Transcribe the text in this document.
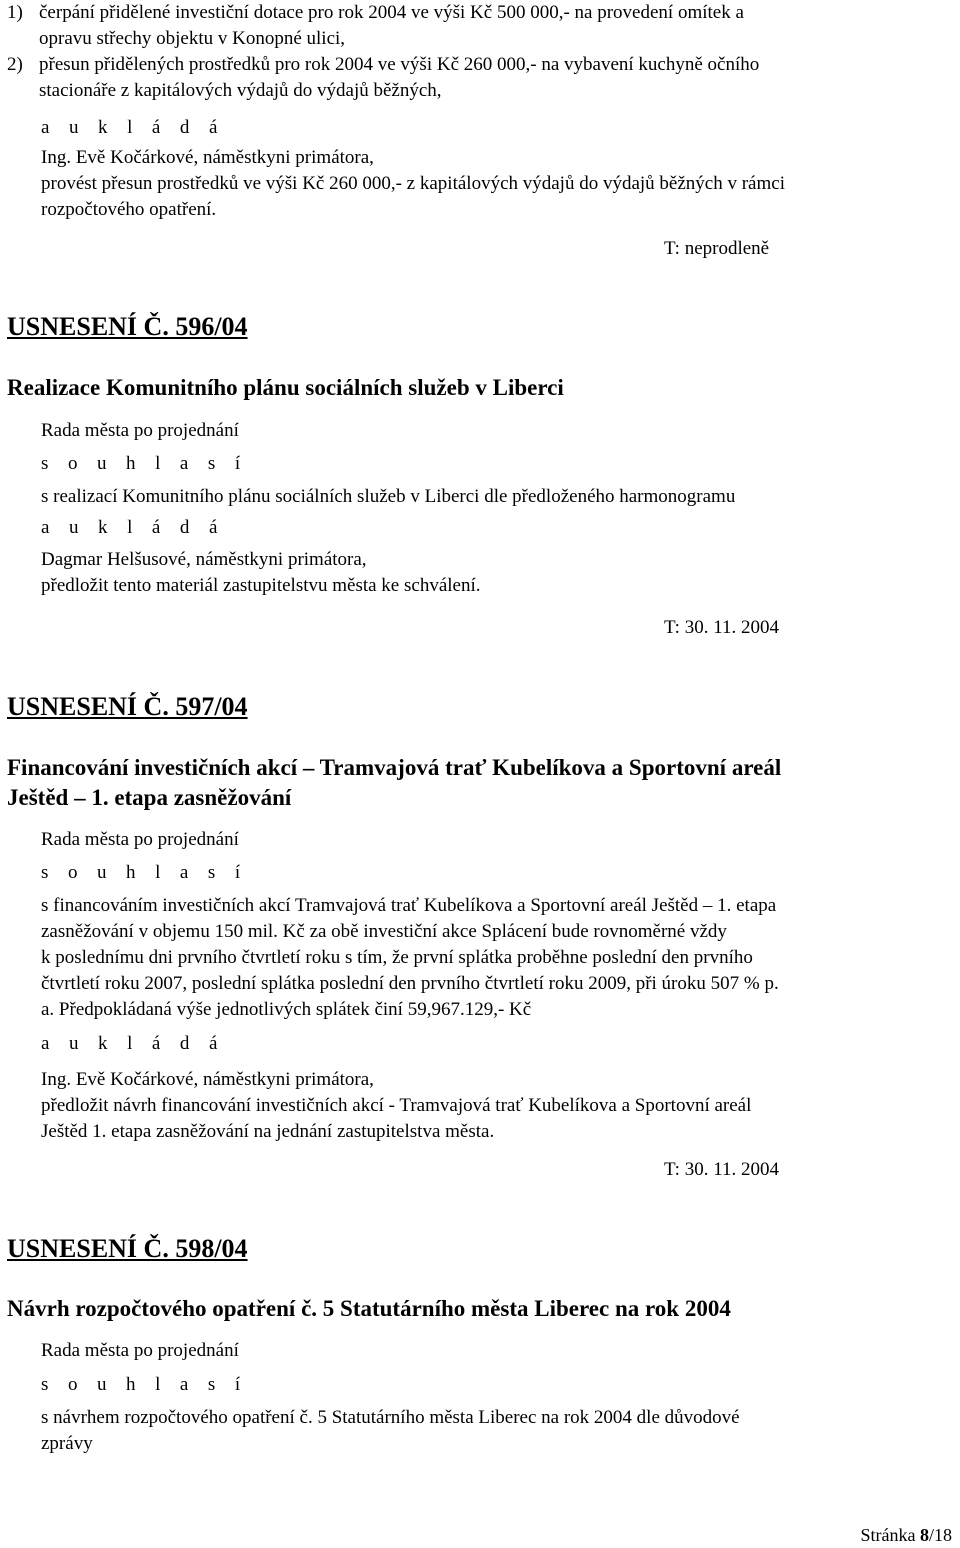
1) čerpání přidělené investiční dotace pro rok 2004 ve výši Kč 500 000,- na provedení omítek a
opravu střechy objektu v Konopné ulici,
2) přesun přidělených prostředků pro rok 2004 ve výši Kč 260 000,- na vybavení kuchyně očního
stacionáře z kapitálových výdajů do výdajů běžných,
a u k l á d á
Ing. Evě Kočárkové, náměstkyni primátora,
provést přesun prostředků ve výši Kč 260 000,- z kapitálových výdajů do výdajů běžných v rámci
rozpočtového opatření.
T: neprodleně
USNESENÍ Č. 596/04
Realizace Komunitního plánu sociálních služeb v Liberci
Rada města po projednání
s o u h l a s í
s realizací Komunitního plánu sociálních služeb v Liberci dle předloženého harmonogramu
a u k l á d á
Dagmar Helšusové, náměstkyni primátora,
předložit tento materiál zastupitelstvu města ke schválení.
T: 30. 11. 2004
USNESENÍ Č. 597/04
Financování investičních akcí – Tramvajová trať Kubelíkova a Sportovní areál
Ještěd – 1. etapa zasněžování
Rada města po projednání
s o u h l a s í
s financováním investičních akcí Tramvajová trať Kubelíkova a Sportovní areál Ještěd – 1. etapa
zasněžování v objemu 150 mil. Kč za obě investiční akce Splácení bude rovnoměrné vždy
k poslednímu dni prvního čtvrtletí roku s tím, že první splátka proběhne poslední den prvního
čtvrtletí roku 2007, poslední splátka poslední den prvního čtvrtletí roku 2009, při úroku 507 % p.
a. Předpokládaná výše jednotlivých splátek činí 59,967.129,- Kč
a u k l á d á
Ing. Evě Kočárkové, náměstkyni primátora,
předložit návrh financování investičních akcí - Tramvajová trať Kubelíkova a Sportovní areál
Ještěd 1. etapa zasněžování na jednání zastupitelstva města.
T: 30. 11. 2004
USNESENÍ Č. 598/04
Návrh rozpočtového opatření č. 5 Statutárního města Liberec na rok 2004
Rada města po projednání
s o u h l a s í
s návrhem rozpočtového opatření č. 5 Statutárního města Liberec na rok 2004 dle důvodové
zprávy
Stránka 8/18
